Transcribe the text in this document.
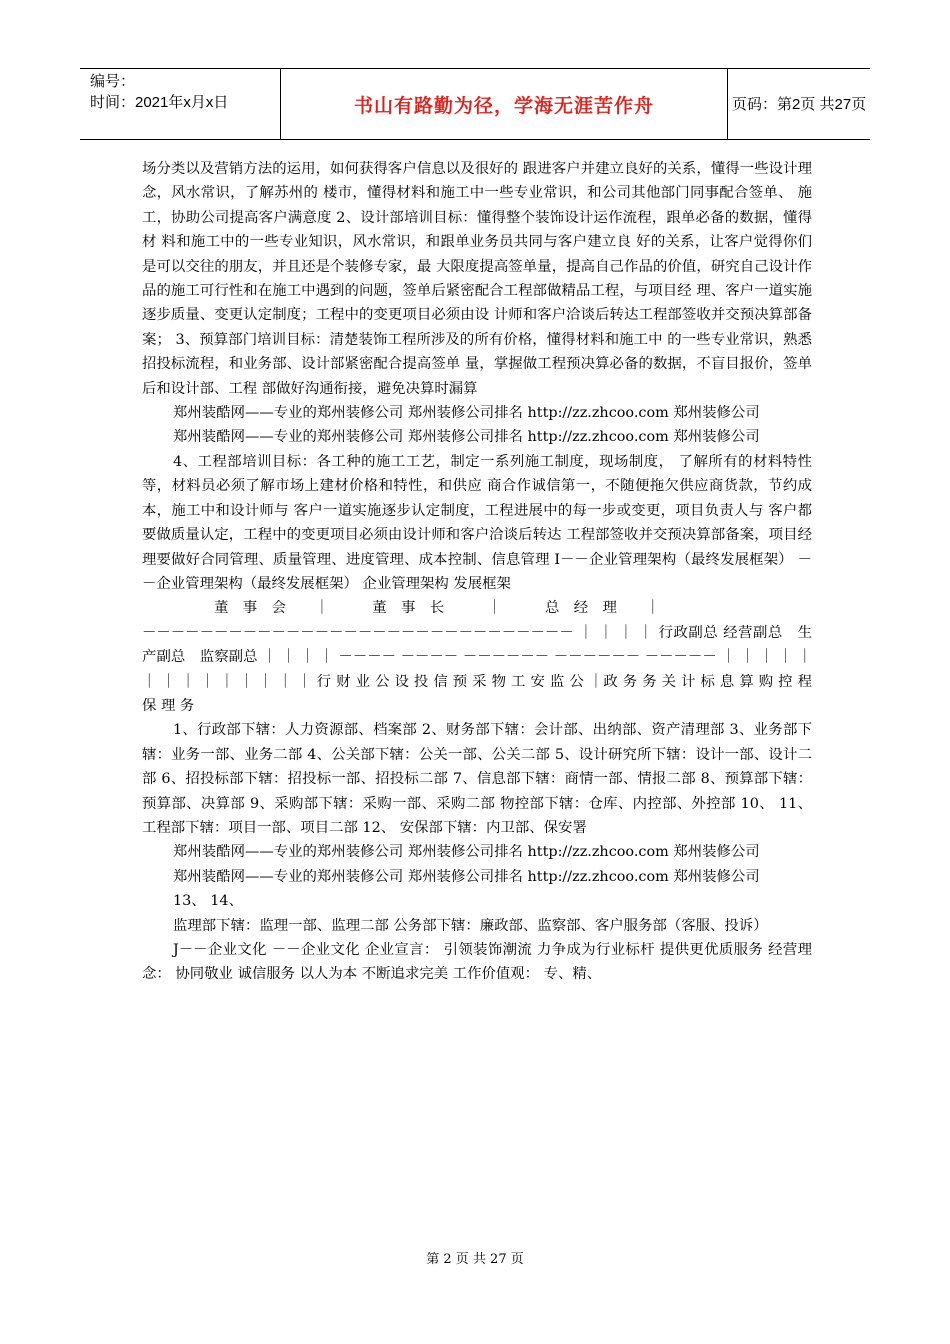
编号：
时间：2021年x月x日	书山有路勤为径，学海无涯苦作舟	页码：第2页 共27页

场分类以及营销方法的运用，如何获得客户信息以及很好的 跟进客户并建立良好的关系，懂得一些设计理念，风水常识，了解苏州的 楼市，懂得材料和施工中一些专业常识，和公司其他部门同事配合签单、 施工，协助公司提高客户满意度 2、设计部培训目标：懂得整个装饰设计运作流程，跟单必备的数据，懂得材 料和施工中的一些专业知识，风水常识，和跟单业务员共同与客户建立良 好的关系，让客户觉得你们是可以交往的朋友，并且还是个装修专家，最 大限度提高签单量，提高自己作品的价值，研究自己设计作品的施工可行性和在施工中遇到的问题，签单后紧密配合工程部做精品工程，与项目经 理、客户一道实施逐步质量、变更认定制度；工程中的变更项目必须由设 计师和客户洽谈后转达工程部签收并交预决算部备案； 3、预算部门培训目标：清楚装饰工程所涉及的所有价格，懂得材料和施工中 的一些专业常识，熟悉招投标流程，和业务部、设计部紧密配合提高签单 量，掌握做工程预决算必备的数据，不盲目报价，签单后和设计部、工程 部做好沟通衔接，避免决算时漏算

郑州装酷网——专业的郑州装修公司 郑州装修公司排名 http://zz.zhcoo.com 郑州装修公司

郑州装酷网——专业的郑州装修公司 郑州装修公司排名 http://zz.zhcoo.com 郑州装修公司

4、工程部培训目标：各工种的施工工艺，制定一系列施工制度，现场制度， 了解所有的材料特性等，材料员必须了解市场上建材价格和特性，和供应 商合作诚信第一，不随便拖欠供应商货款，节约成本，施工中和设计师与 客户一道实施逐步认定制度，工程进展中的每一步或变更，项目负责人与 客户都要做质量认定，工程中的变更项目必须由设计师和客户洽谈后转达 工程部签收并交预决算部备案，项目经理要做好合同管理、质量管理、进度管理、成本控制、信息管理 I－－企业管理架构（最终发展框架） －－企业管理架构（最终发展框架） 企业管理架构 发展框架

　　　　　董　事　会　　｜　　　董　事　长　　　｜　　　总　经　理　　｜

－－－－－－－－－－－－－－－－－－－－－－－－－－－－－－ ｜ ｜ ｜ ｜ 行政副总 经营副总　生产副总　监察副总 ｜ ｜ ｜ ｜ －－－－ －－－－ －－－－－－ －－－－－－ －－－－－ ｜ ｜ ｜ ｜ ｜ ｜ ｜ ｜ ｜ ｜ ｜ ｜ ｜ ｜ 行 财 业 公 设 投 信 预 采 物 工 安 监 公 ｜政 务 务 关 计 标 息 算 购 控 程 保 理 务

1、行政部下辖：人力资源部、档案部 2、财务部下辖：会计部、出纳部、资产清理部 3、业务部下辖：业务一部、业务二部 4、公关部下辖：公关一部、公关二部 5、设计研究所下辖：设计一部、设计二部 6、招投标部下辖：招投标一部、招投标二部 7、信息部下辖：商情一部、情报二部 8、预算部下辖：预算部、决算部 9、采购部下辖：采购一部、采购二部 物控部下辖：仓库、内控部、外控部 10、 11、 工程部下辖：项目一部、项目二部 12、 安保部下辖：内卫部、保安署

郑州装酷网——专业的郑州装修公司 郑州装修公司排名 http://zz.zhcoo.com 郑州装修公司

郑州装酷网——专业的郑州装修公司 郑州装修公司排名 http://zz.zhcoo.com 郑州装修公司

13、 14、

监理部下辖：监理一部、监理二部 公务部下辖：廉政部、监察部、客户服务部（客服、投诉）

J－－企业文化 －－企业文化 企业宣言： 引领装饰潮流 力争成为行业标杆 提供更优质服务 经营理念： 协同敬业 诚信服务 以人为本 不断追求完美 工作价值观： 专、精、

第 2 页 共 27 页
